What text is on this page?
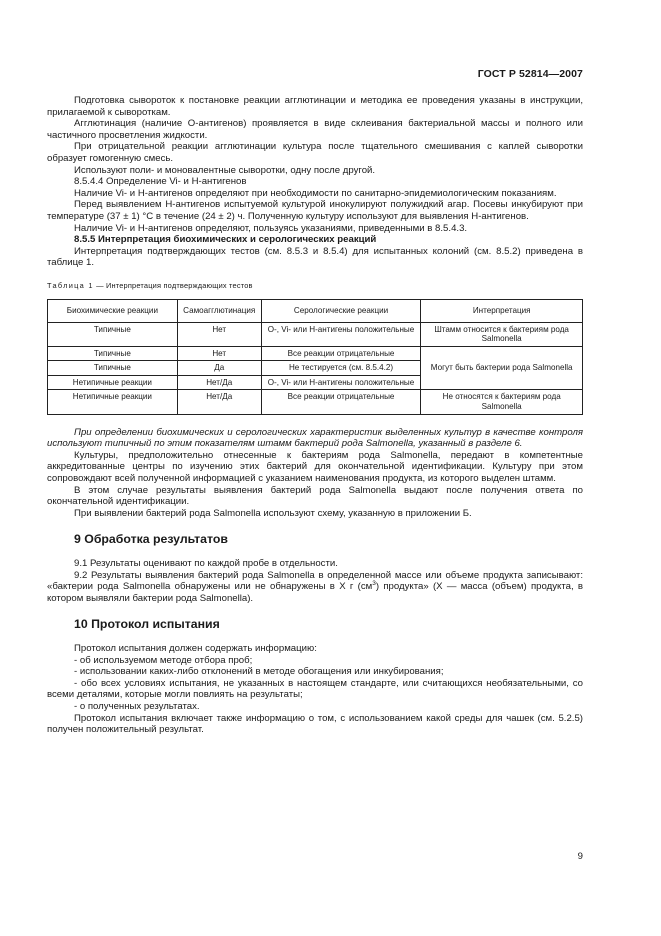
ГОСТ Р 52814—2007

Подготовка сывороток к постановке реакции агглютинации и методика ее проведения указаны в инструкции, прилагаемой к сывороткам.

Агглютинация (наличие О-антигенов) проявляется в виде склеивания бактериальной массы и полного или частичного просветления жидкости.

При отрицательной реакции агглютинации культура после тщательного смешивания с каплей сыворотки образует гомогенную смесь.

Используют поли- и моновалентные сыворотки, одну после другой.

8.5.4.4 Определение Vi- и H-антигенов

Наличие Vi- и H-антигенов определяют при необходимости по санитарно-эпидемиологическим показаниям.

Перед выявлением H-антигенов испытуемой культурой инокулируют полужидкий агар. Посевы инкубируют при температуре (37 ± 1) °С в течение (24 ± 2) ч. Полученную культуру используют для выявления H-антигенов.

Наличие Vi- и H-антигенов определяют, пользуясь указаниями, приведенными в 8.5.4.3.

8.5.5 Интерпретация биохимических и серологических реакций

Интерпретация подтверждающих тестов (см. 8.5.3 и 8.5.4) для испытанных колоний (см. 8.5.2) приведена в таблице 1.

Таблица 1 — Интерпретация подтверждающих тестов

Биохимические реакции	Самоагглютинация	Серологические реакции	Интерпретация
Типичные	Нет	O-, Vi- или H-антигены положительные	Штамм относится к бактериям рода Salmonella
Типичные	Нет	Все реакции отрицательные	Могут быть бактерии рода Salmonella
Типичные	Да	Не тестируется (см. 8.5.4.2)	
Нетипичные реакции	Нет/Да	O-, Vi- или H-антигены положительные	
Нетипичные реакции	Нет/Да	Все реакции отрицательные	Не относятся к бактериям рода Salmonella

При определении биохимических и серологических характеристик выделенных культур в качестве контроля используют типичный по этим показателям штамм бактерий рода Salmonella, указанный в разделе 6.

Культуры, предположительно отнесенные к бактериям рода Salmonella, передают в компетентные аккредитованные центры по изучению этих бактерий для окончательной идентификации. Культуру при этом сопровождают всей полученной информацией с указанием наименования продукта, из которого выделен штамм.

В этом случае результаты выявления бактерий рода Salmonella выдают после получения ответа по окончательной идентификации.

При выявлении бактерий рода Salmonella используют схему, указанную в приложении Б.

9 Обработка результатов

9.1 Результаты оценивают по каждой пробе в отдельности.

9.2 Результаты выявления бактерий рода Salmonella в определенной массе или объеме продукта записывают: «бактерии рода Salmonella обнаружены или не обнаружены в X г $(см^3)$ продукта» (X — масса (объем) продукта, в котором выявляли бактерии рода Salmonella).

10 Протокол испытания

Протокол испытания должен содержать информацию:

- об используемом методе отбора проб;

- использовании каких-либо отклонений в методе обогащения или инкубирования;

- обо всех условиях испытания, не указанных в настоящем стандарте, или считающихся необязательными, со всеми деталями, которые могли повлиять на результаты;

- о полученных результатах.

Протокол испытания включает также информацию о том, с использованием какой среды для чашек (см. 5.2.5) получен положительный результат.

9
